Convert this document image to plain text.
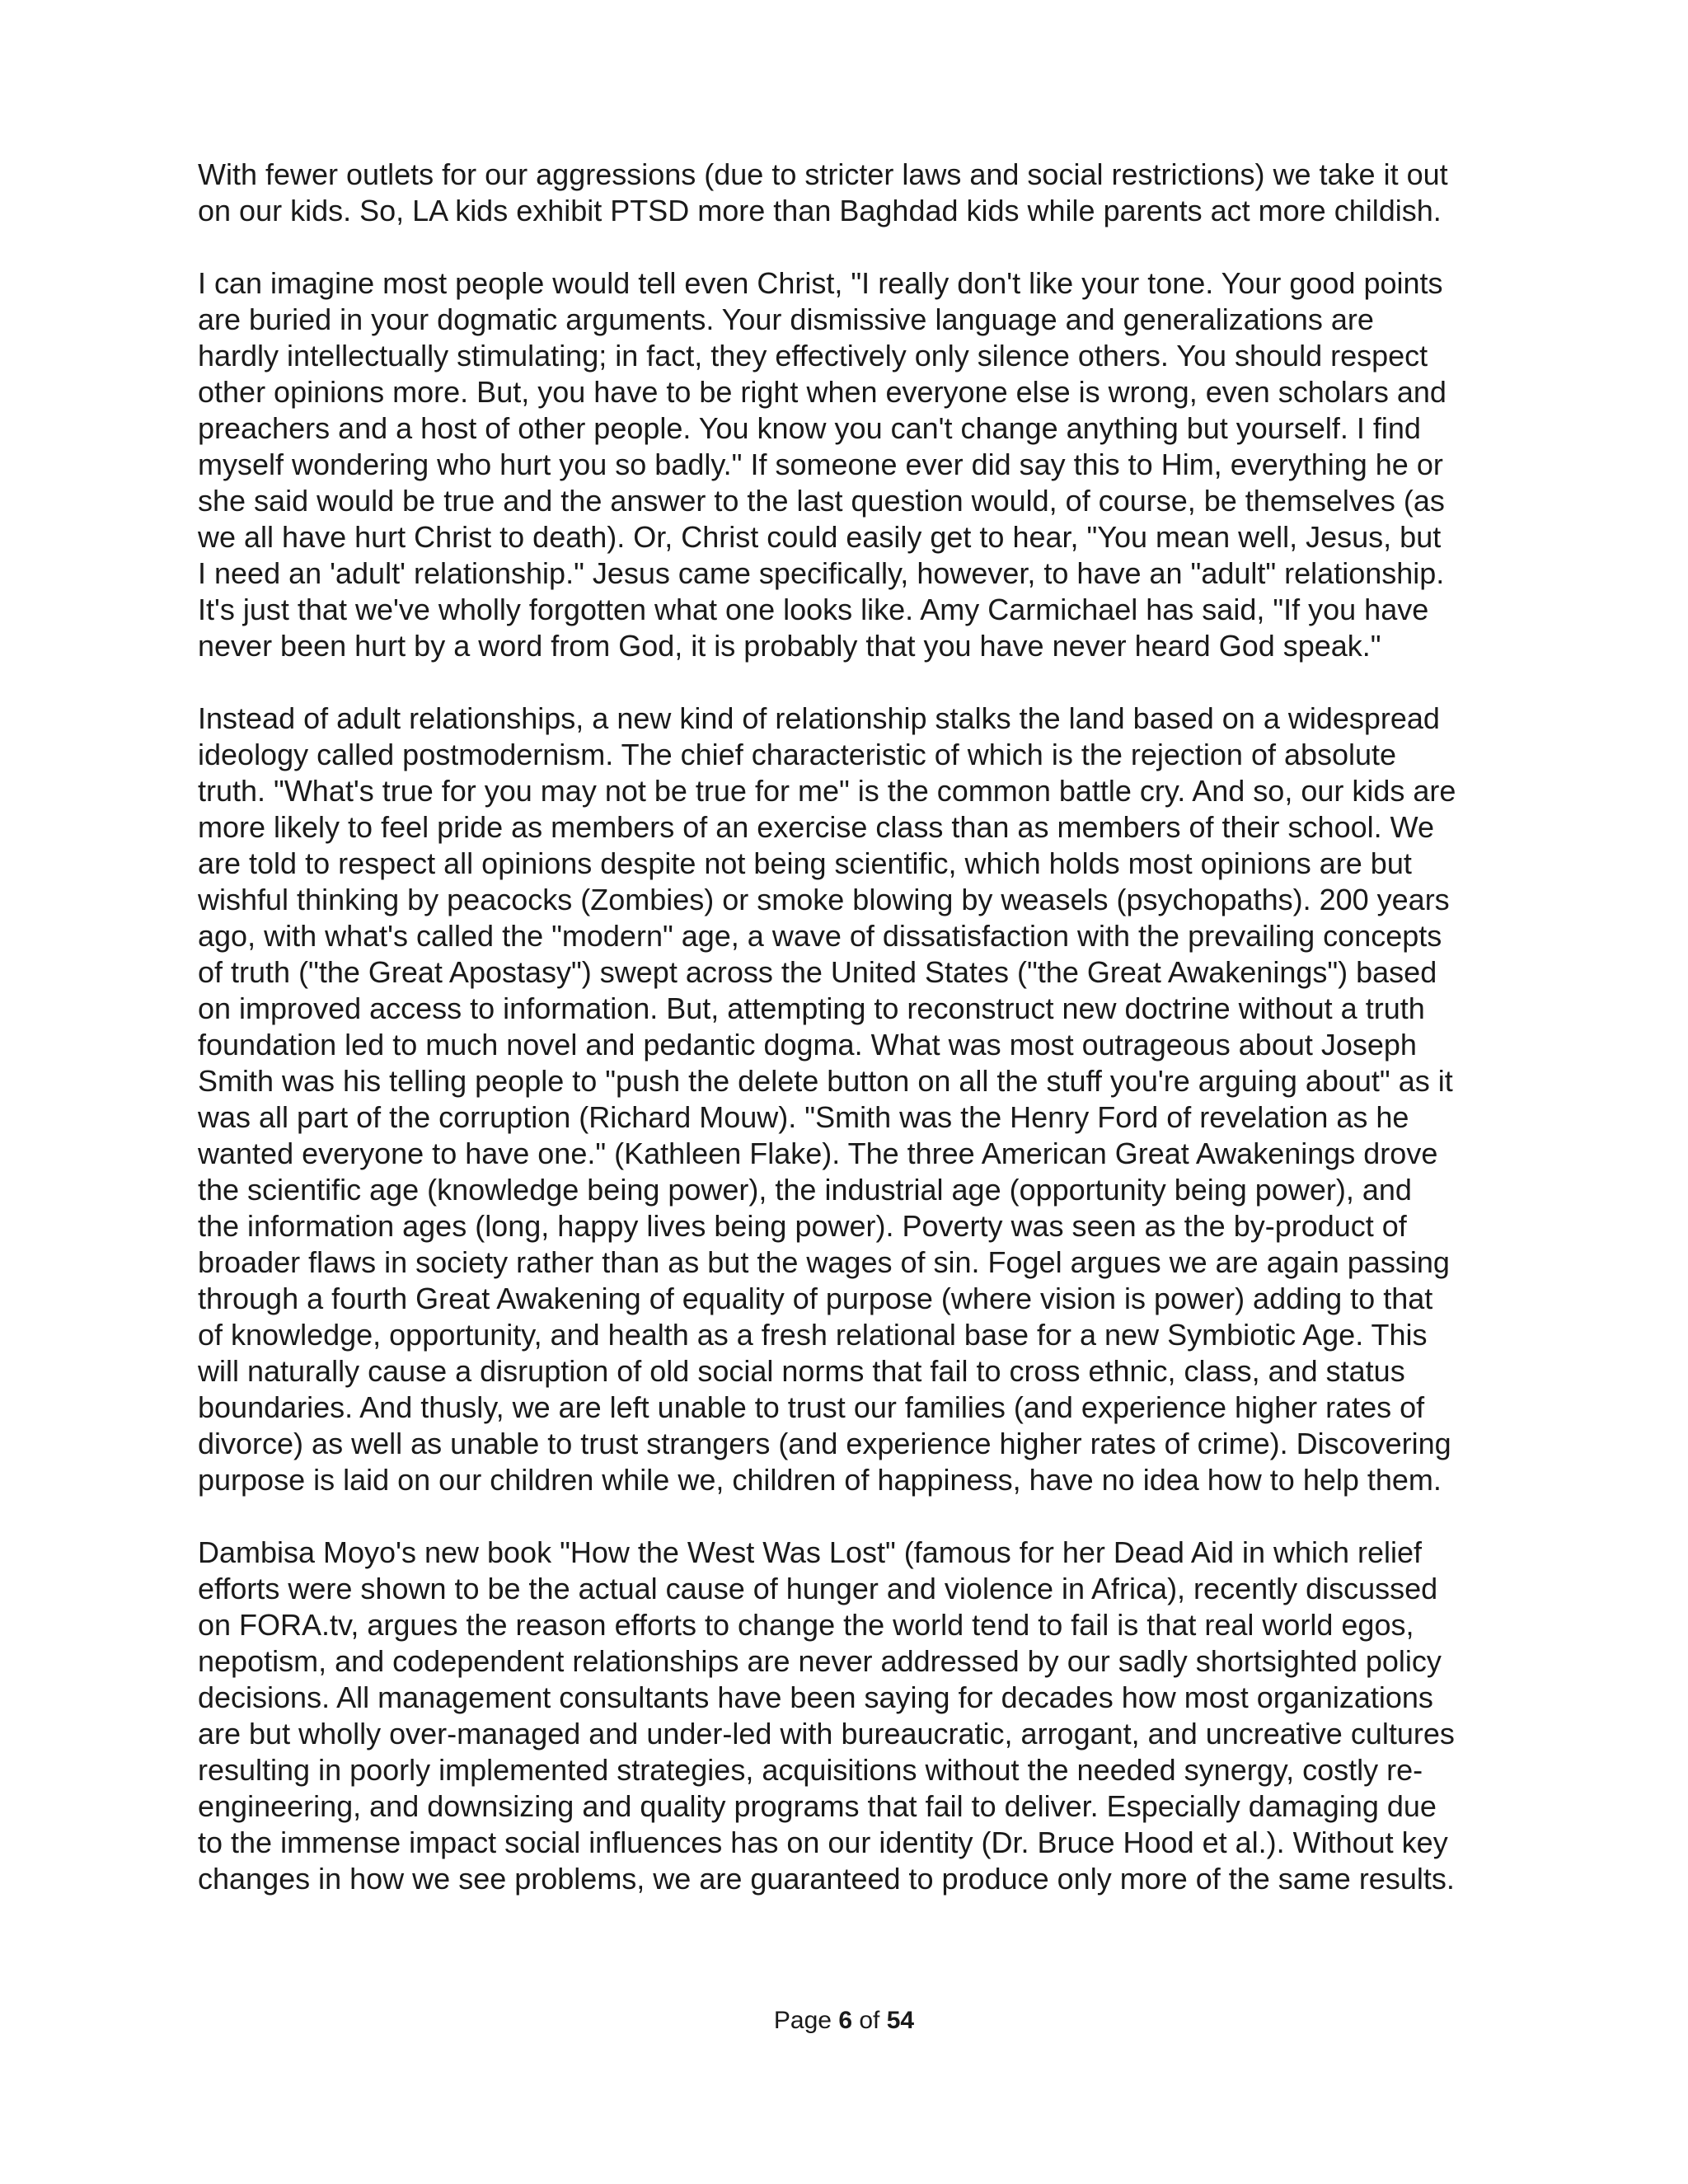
With fewer outlets for our aggressions (due to stricter laws and social restrictions) we take it out
on our kids. So, LA kids exhibit PTSD more than Baghdad kids while parents act more childish.

I can imagine most people would tell even Christ, "I really don't like your tone. Your good points
are buried in your dogmatic arguments. Your dismissive language and generalizations are
hardly intellectually stimulating; in fact, they effectively only silence others. You should respect
other opinions more. But, you have to be right when everyone else is wrong, even scholars and
preachers and a host of other people. You know you can't change anything but yourself. I find
myself wondering who hurt you so badly." If someone ever did say this to Him, everything he or
she said would be true and the answer to the last question would, of course, be themselves (as
we all have hurt Christ to death). Or, Christ could easily get to hear, "You mean well, Jesus, but
I need an 'adult' relationship." Jesus came specifically, however, to have an "adult" relationship.
It's just that we've wholly forgotten what one looks like. Amy Carmichael has said, "If you have
never been hurt by a word from God, it is probably that you have never heard God speak."

Instead of adult relationships, a new kind of relationship stalks the land based on a widespread
ideology called postmodernism. The chief characteristic of which is the rejection of absolute
truth. "What's true for you may not be true for me" is the common battle cry. And so, our kids are
more likely to feel pride as members of an exercise class than as members of their school. We
are told to respect all opinions despite not being scientific, which holds most opinions are but
wishful thinking by peacocks (Zombies) or smoke blowing by weasels (psychopaths). 200 years
ago, with what's called the "modern" age, a wave of dissatisfaction with the prevailing concepts
of truth ("the Great Apostasy") swept across the United States ("the Great Awakenings") based
on improved access to information. But, attempting to reconstruct new doctrine without a truth
foundation led to much novel and pedantic dogma. What was most outrageous about Joseph
Smith was his telling people to "push the delete button on all the stuff you're arguing about" as it
was all part of the corruption (Richard Mouw). "Smith was the Henry Ford of revelation as he
wanted everyone to have one." (Kathleen Flake). The three American Great Awakenings drove
the scientific age (knowledge being power), the industrial age (opportunity being power), and
the information ages (long, happy lives being power). Poverty was seen as the by-product of
broader flaws in society rather than as but the wages of sin. Fogel argues we are again passing
through a fourth Great Awakening of equality of purpose (where vision is power) adding to that
of knowledge, opportunity, and health as a fresh relational base for a new Symbiotic Age. This
will naturally cause a disruption of old social norms that fail to cross ethnic, class, and status
boundaries. And thusly, we are left unable to trust our families (and experience higher rates of
divorce) as well as unable to trust strangers (and experience higher rates of crime). Discovering
purpose is laid on our children while we, children of happiness, have no idea how to help them.

Dambisa Moyo's new book "How the West Was Lost" (famous for her Dead Aid in which relief
efforts were shown to be the actual cause of hunger and violence in Africa), recently discussed
on FORA.tv, argues the reason efforts to change the world tend to fail is that real world egos,
nepotism, and codependent relationships are never addressed by our sadly shortsighted policy
decisions. All management consultants have been saying for decades how most organizations
are but wholly over-managed and under-led with bureaucratic, arrogant, and uncreative cultures
resulting in poorly implemented strategies, acquisitions without the needed synergy, costly re-
engineering, and downsizing and quality programs that fail to deliver. Especially damaging due
to the immense impact social influences has on our identity (Dr. Bruce Hood et al.). Without key
changes in how we see problems, we are guaranteed to produce only more of the same results.

Page 6 of 54
